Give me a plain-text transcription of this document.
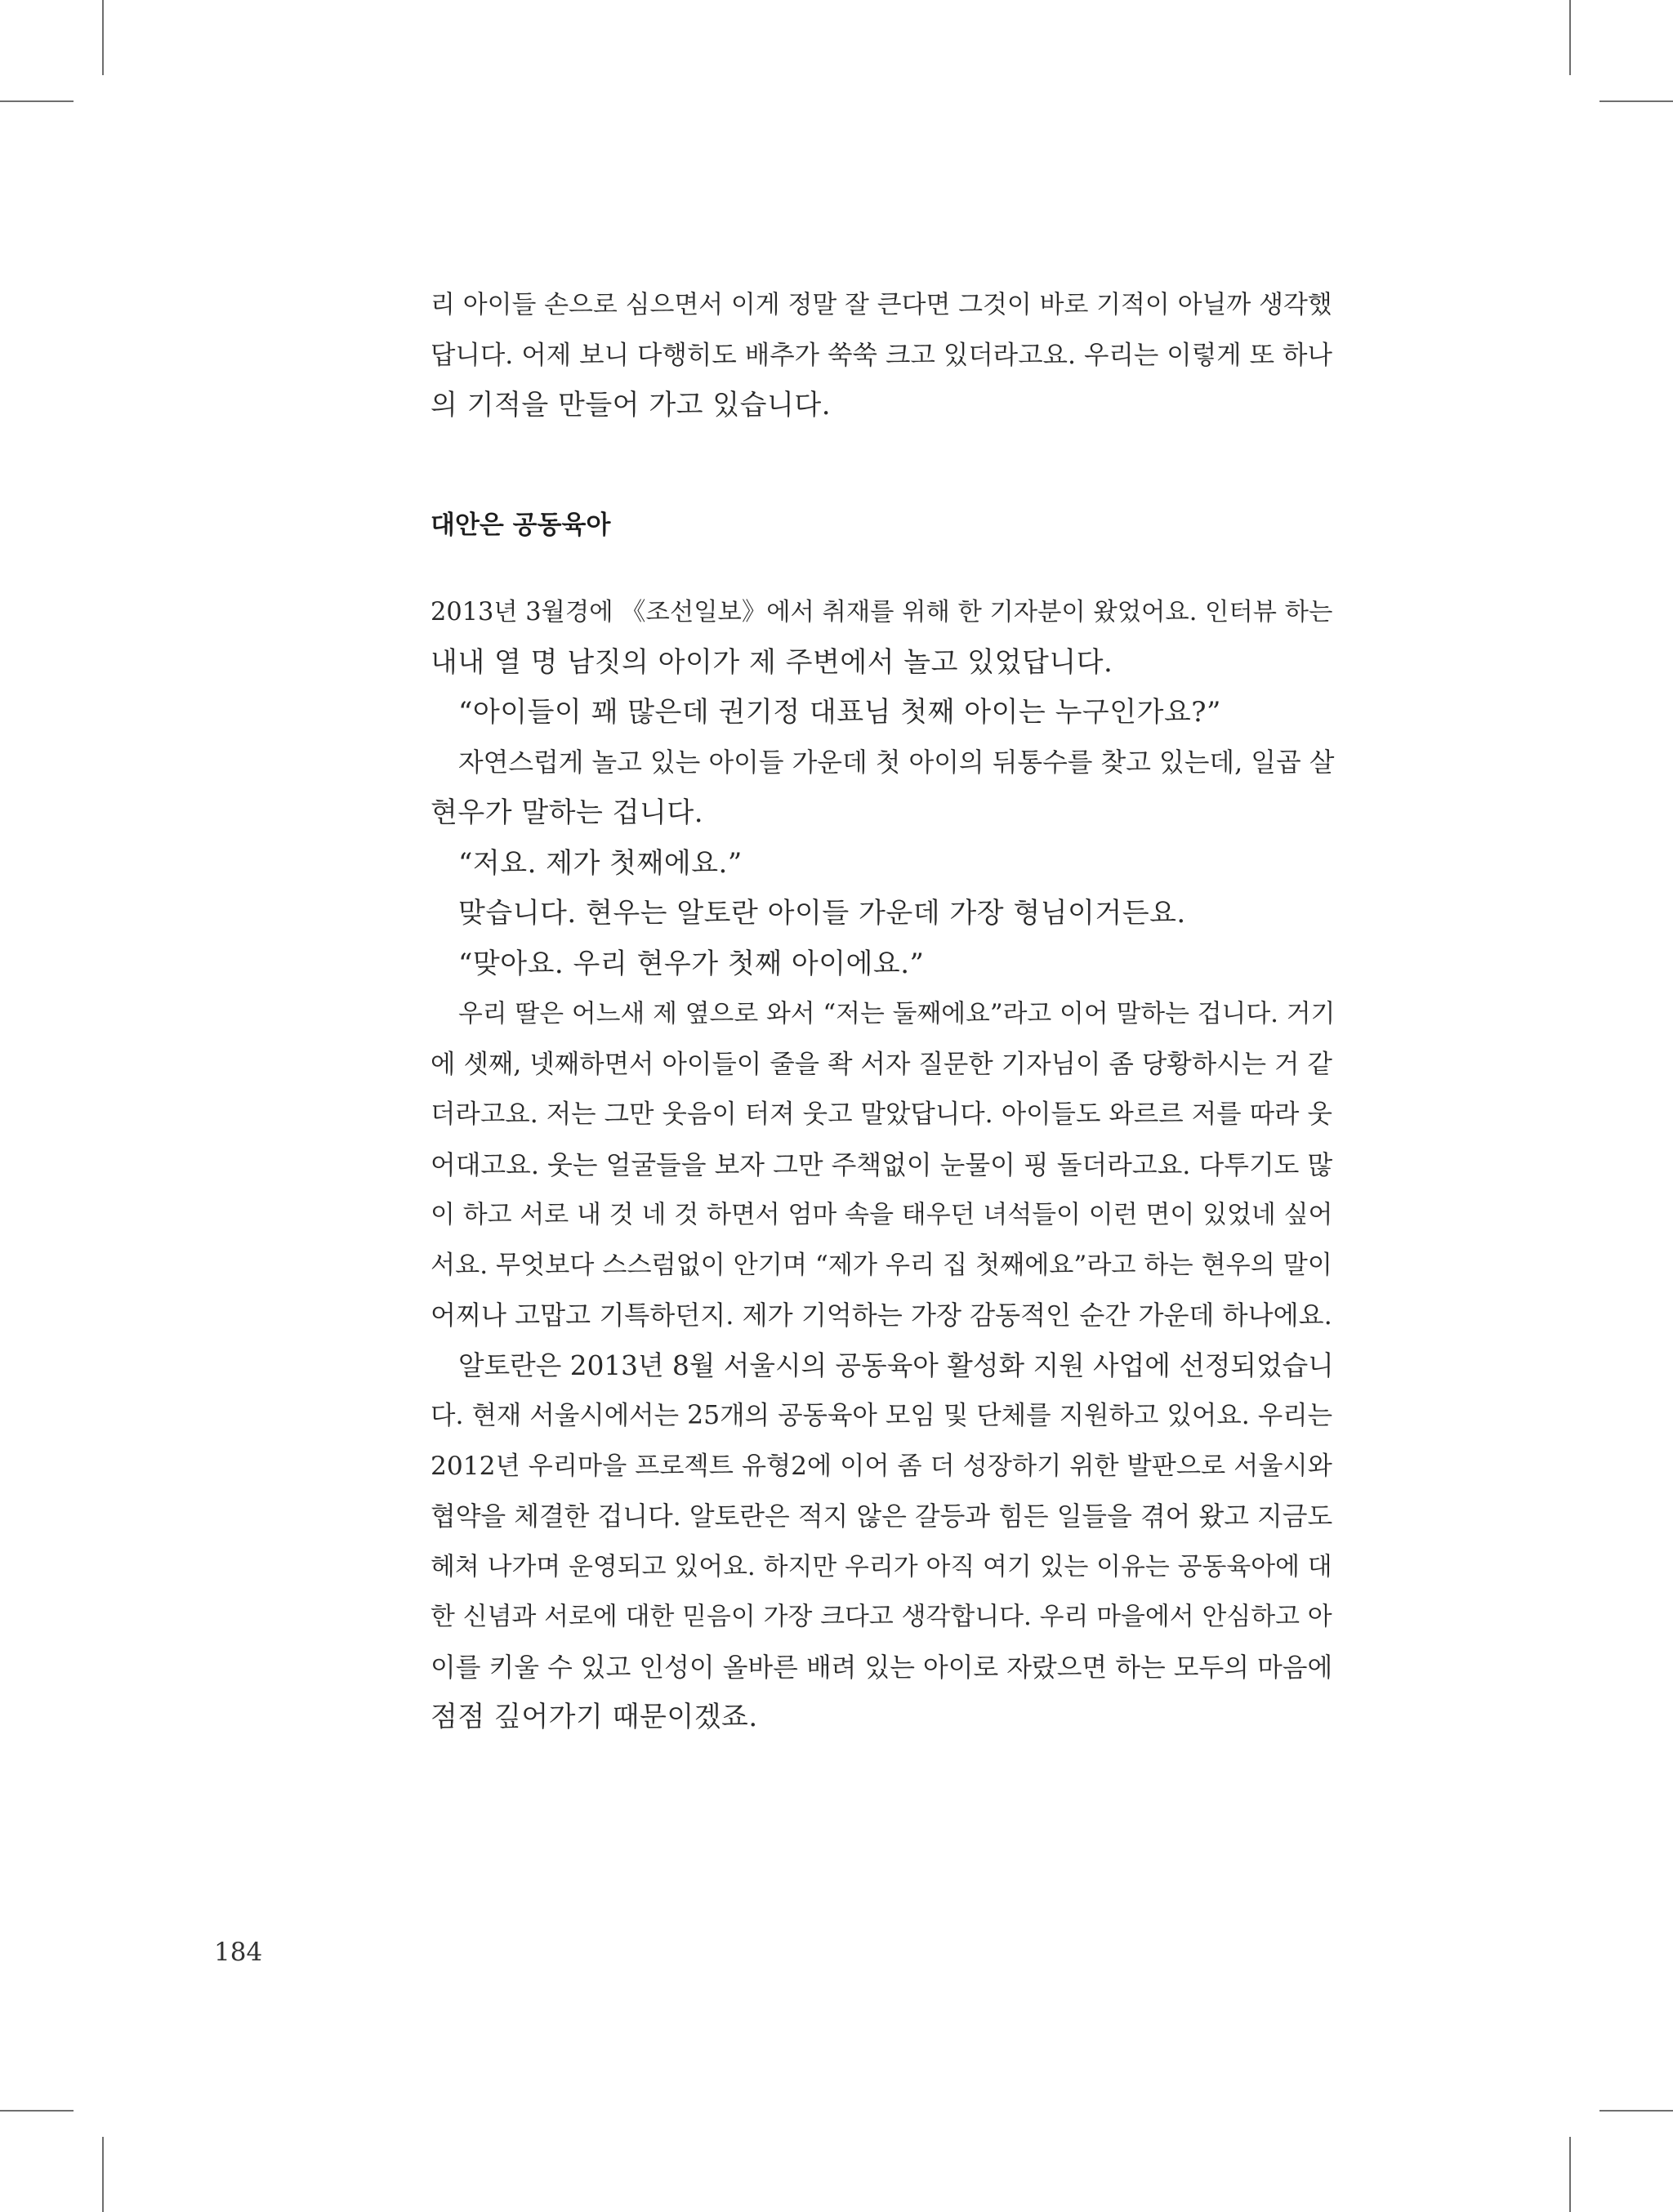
리 아이들 손으로 심으면서 이게 정말 잘 큰다면 그것이 바로 기적이 아닐까 생각했
답니다. 어제 보니 다행히도 배추가 쑥쑥 크고 있더라고요. 우리는 이렇게 또 하나
의 기적을 만들어 가고 있습니다.
대안은 공동육아
2013년 3월경에 《조선일보》에서 취재를 위해 한 기자분이 왔었어요. 인터뷰 하는
내내 열 명 남짓의 아이가 제 주변에서 놀고 있었답니다.
“아이들이 꽤 많은데 권기정 대표님 첫째 아이는 누구인가요?”
자연스럽게 놀고 있는 아이들 가운데 첫 아이의 뒤통수를 찾고 있는데, 일곱 살
현우가 말하는 겁니다.
“저요. 제가 첫째에요.”
맞습니다. 현우는 알토란 아이들 가운데 가장 형님이거든요.
“맞아요. 우리 현우가 첫째 아이에요.”
우리 딸은 어느새 제 옆으로 와서 “저는 둘째에요”라고 이어 말하는 겁니다. 거기
에 셋째, 넷째하면서 아이들이 줄을 좍 서자 질문한 기자님이 좀 당황하시는 거 같
더라고요. 저는 그만 웃음이 터져 웃고 말았답니다. 아이들도 와르르 저를 따라 웃
어대고요. 웃는 얼굴들을 보자 그만 주책없이 눈물이 핑 돌더라고요. 다투기도 많
이 하고 서로 내 것 네 것 하면서 엄마 속을 태우던 녀석들이 이런 면이 있었네 싶어
서요. 무엇보다 스스럼없이 안기며 “제가 우리 집 첫째에요”라고 하는 현우의 말이
어찌나 고맙고 기특하던지. 제가 기억하는 가장 감동적인 순간 가운데 하나에요.
알토란은 2013년 8월 서울시의 공동육아 활성화 지원 사업에 선정되었습니
다. 현재 서울시에서는 25개의 공동육아 모임 및 단체를 지원하고 있어요. 우리는
2012년 우리마을 프로젝트 유형2에 이어 좀 더 성장하기 위한 발판으로 서울시와
협약을 체결한 겁니다. 알토란은 적지 않은 갈등과 힘든 일들을 겪어 왔고 지금도
헤쳐 나가며 운영되고 있어요. 하지만 우리가 아직 여기 있는 이유는 공동육아에 대
한 신념과 서로에 대한 믿음이 가장 크다고 생각합니다. 우리 마을에서 안심하고 아
이를 키울 수 있고 인성이 올바른 배려 있는 아이로 자랐으면 하는 모두의 마음에
점점 깊어가기 때문이겠죠.

184
